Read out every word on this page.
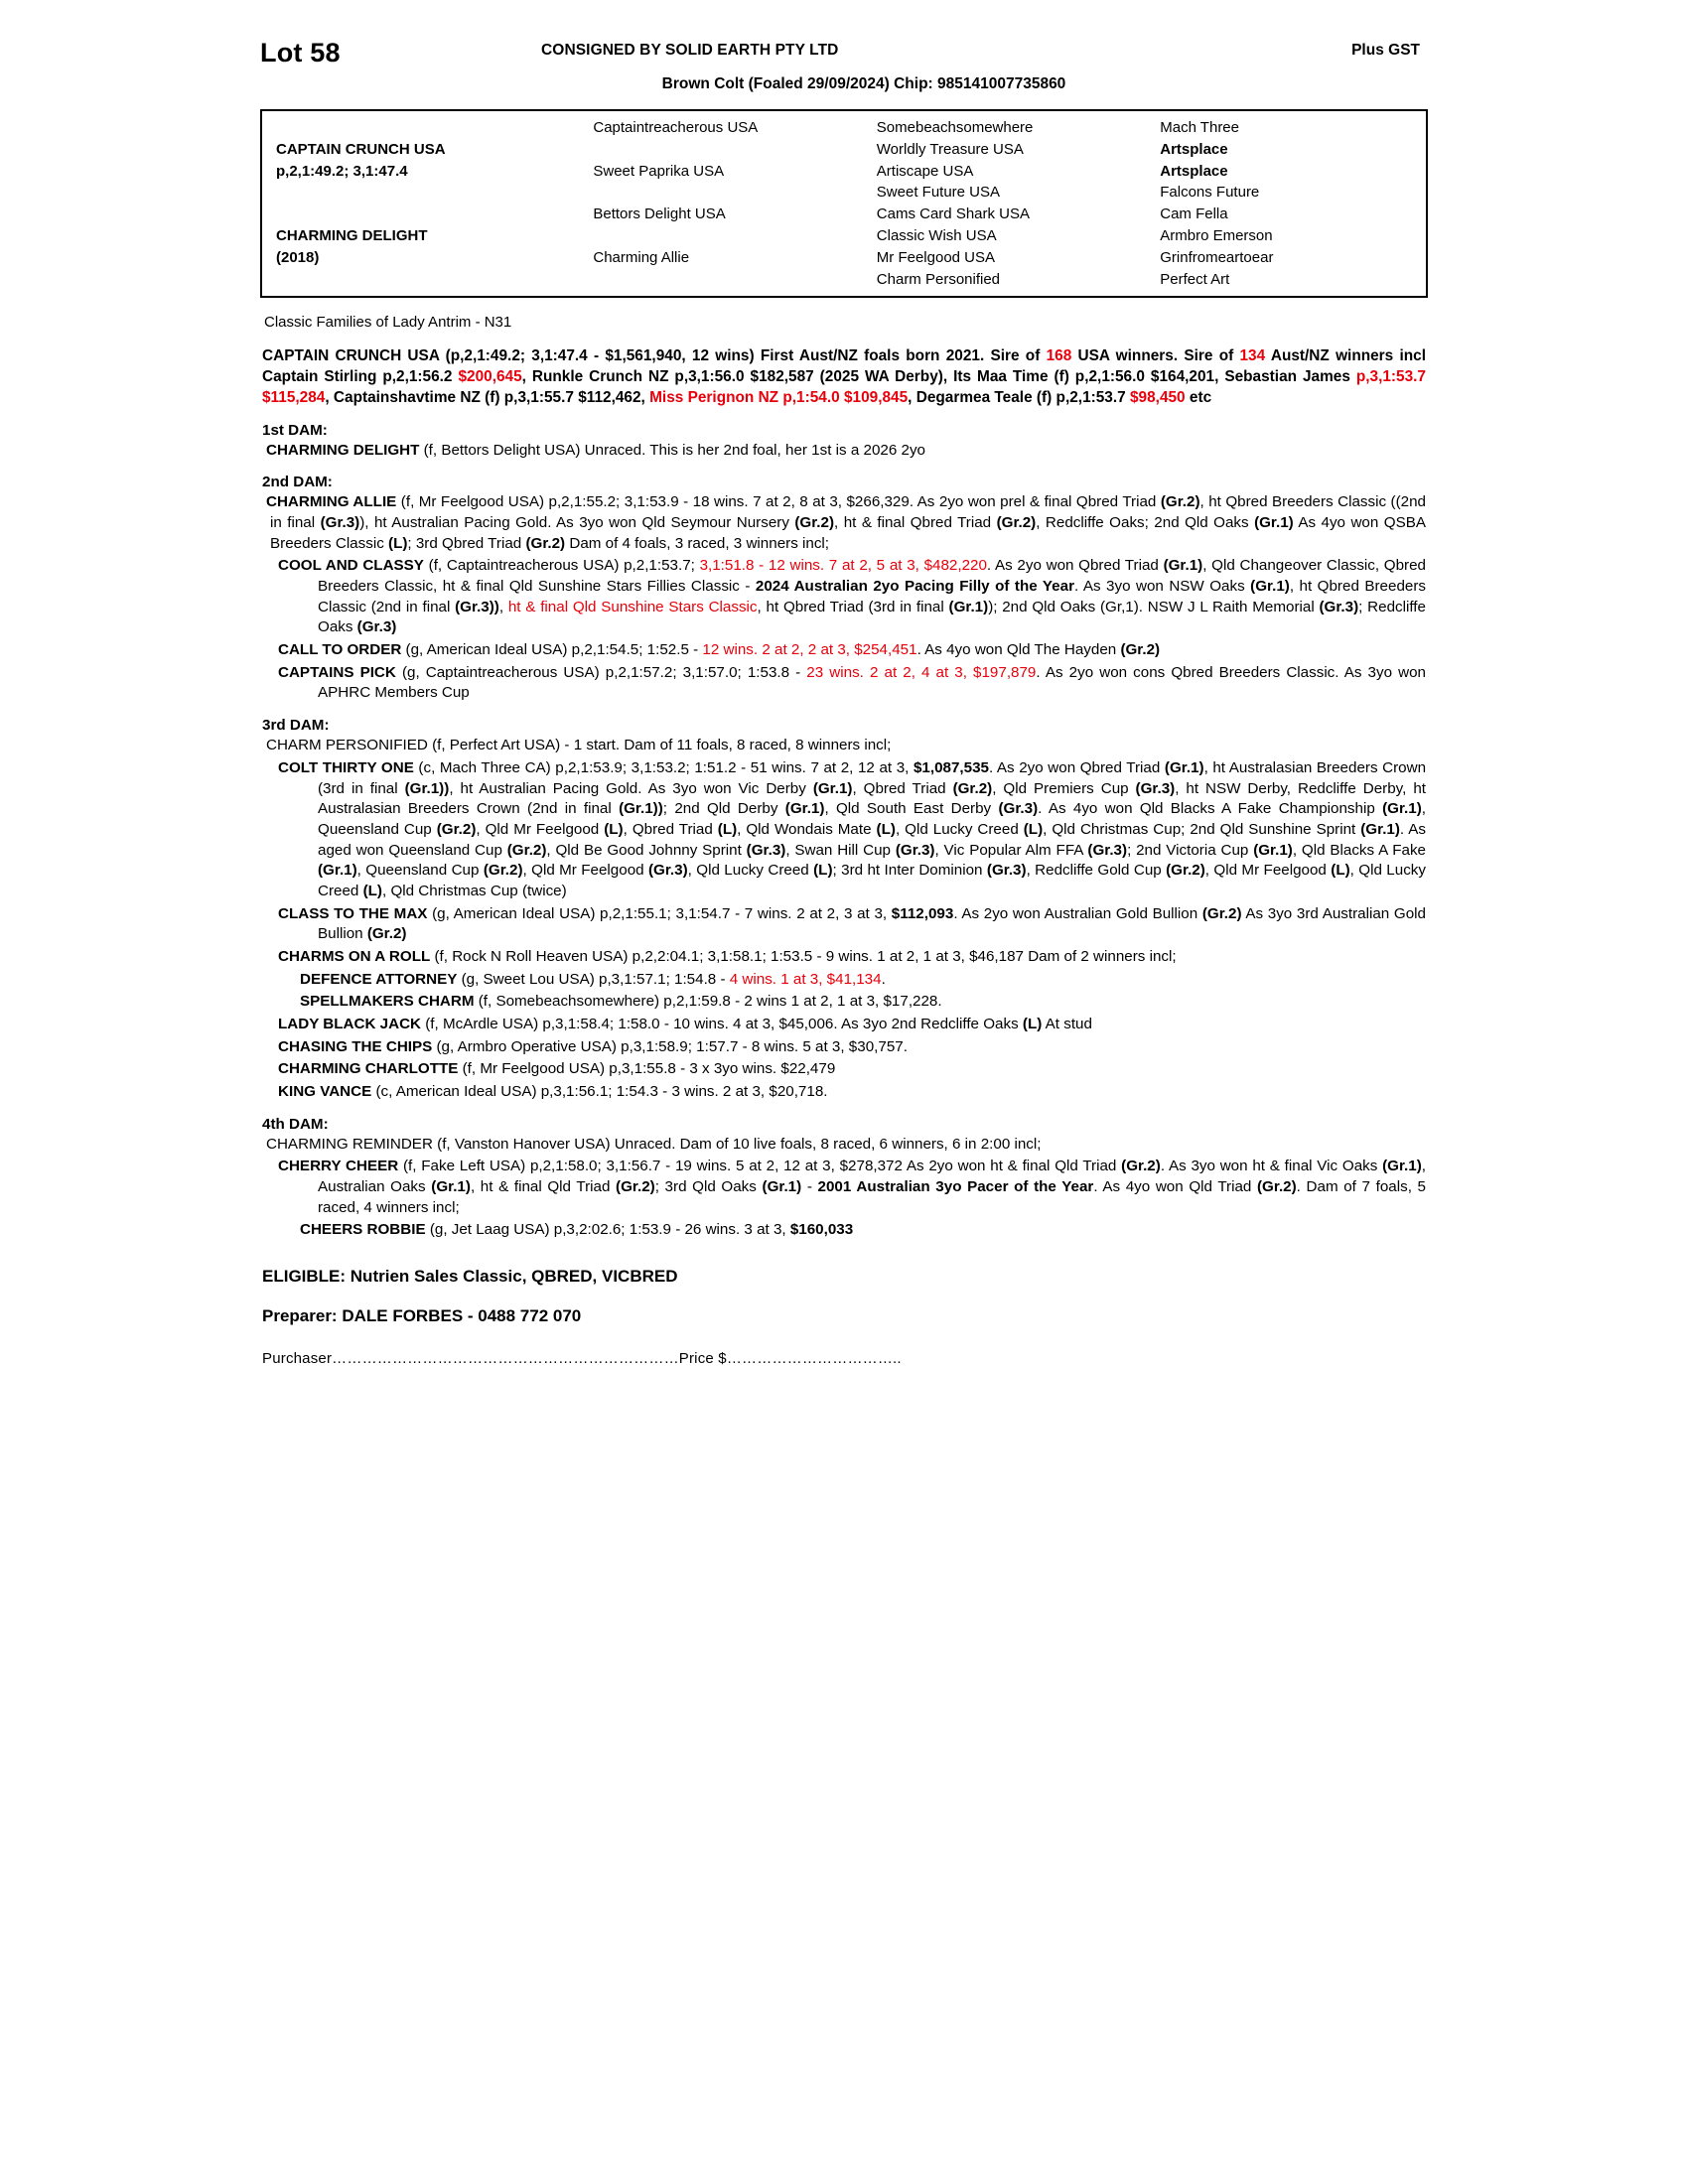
Lot 58	CONSIGNED BY SOLID EARTH PTY LTD	Plus GST
Brown Colt (Foaled 29/09/2024) Chip: 985141007735860
	Captaintreacherous USA	Somebeachsomewhere	Mach Three
CAPTAIN CRUNCH USA		Worldly Treasure USA	Artsplace
p,2,1:49.2; 3,1:47.4	Sweet Paprika USA	Artiscape USA	Artsplace
		Sweet Future USA	Falcons Future
	Bettors Delight USA	Cams Card Shark USA	Cam Fella
CHARMING DELIGHT		Classic Wish USA	Armbro Emerson
(2018)	Charming Allie	Mr Feelgood USA	Grinfromeartoear
		Charm Personified	Perfect Art
Classic Families of Lady Antrim - N31
CAPTAIN CRUNCH USA (p,2,1:49.2; 3,1:47.4 - $1,561,940, 12 wins) First Aust/NZ foals born 2021. Sire of 168 USA winners. Sire of 134 Aust/NZ winners incl Captain Stirling p,2,1:56.2 $200,645, Runkle Crunch NZ p,3,1:56.0 $182,587 (2025 WA Derby), Its Maa Time (f) p,2,1:56.0 $164,201, Sebastian James p,3,1:53.7 $115,284, Captainshavtime NZ (f) p,3,1:55.7 $112,462, Miss Perignon NZ p,1:54.0 $109,845, Degarmea Teale (f) p,2,1:53.7 $98,450 etc
1st DAM:

CHARMING DELIGHT (f, Bettors Delight USA) Unraced. This is her 2nd foal, her 1st is a 2026 2yo

2nd DAM:

CHARMING ALLIE (f, Mr Feelgood USA) p,2,1:55.2; 3,1:53.9 - 18 wins. 7 at 2, 8 at 3, $266,329. As 2yo won prel & final Qbred Triad (Gr.2), ht Qbred Breeders Classic ((2nd in final (Gr.3)), ht Australian Pacing Gold. As 3yo won Qld Seymour Nursery (Gr.2), ht & final Qbred Triad (Gr.2), Redcliffe Oaks; 2nd Qld Oaks (Gr.1) As 4yo won QSBA Breeders Classic (L); 3rd Qbred Triad (Gr.2) Dam of 4 foals, 3 raced, 3 winners incl;

COOL AND CLASSY (f, Captaintreacherous USA) p,2,1:53.7; 3,1:51.8 - 12 wins. 7 at 2, 5 at 3, $482,220. As 2yo won Qbred Triad (Gr.1), Qld Changeover Classic, Qbred Breeders Classic, ht & final Qld Sunshine Stars Fillies Classic - 2024 Australian 2yo Pacing Filly of the Year. As 3yo won NSW Oaks (Gr.1), ht Qbred Breeders Classic (2nd in final (Gr.3)), ht & final Qld Sunshine Stars Classic, ht Qbred Triad (3rd in final (Gr.1)); 2nd Qld Oaks (Gr,1). NSW J L Raith Memorial (Gr.3); Redcliffe Oaks (Gr.3)

CALL TO ORDER (g, American Ideal USA) p,2,1:54.5; 1:52.5 - 12 wins. 2 at 2, 2 at 3, $254,451. As 4yo won Qld The Hayden (Gr.2)

CAPTAINS PICK (g, Captaintreacherous USA) p,2,1:57.2; 3,1:57.0; 1:53.8 - 23 wins. 2 at 2, 4 at 3, $197,879. As 2yo won cons Qbred Breeders Classic. As 3yo won APHRC Members Cup

3rd DAM:

CHARM PERSONIFIED (f, Perfect Art USA) - 1 start. Dam of 11 foals, 8 raced, 8 winners incl;

COLT THIRTY ONE (c, Mach Three CA) p,2,1:53.9; 3,1:53.2; 1:51.2 - 51 wins. 7 at 2, 12 at 3, $1,087,535. As 2yo won Qbred Triad (Gr.1), ht Australasian Breeders Crown (3rd in final (Gr.1)), ht Australian Pacing Gold. As 3yo won Vic Derby (Gr.1), Qbred Triad (Gr.2), Qld Premiers Cup (Gr.3), ht NSW Derby, Redcliffe Derby, ht Australasian Breeders Crown (2nd in final (Gr.1)); 2nd Qld Derby (Gr.1), Qld South East Derby (Gr.3). As 4yo won Qld Blacks A Fake Championship (Gr.1), Queensland Cup (Gr.2), Qld Mr Feelgood (L), Qbred Triad (L), Qld Wondais Mate (L), Qld Lucky Creed (L), Qld Christmas Cup; 2nd Qld Sunshine Sprint (Gr.1). As aged won Queensland Cup (Gr.2), Qld Be Good Johnny Sprint (Gr.3), Swan Hill Cup (Gr.3), Vic Popular Alm FFA (Gr.3); 2nd Victoria Cup (Gr.1), Qld Blacks A Fake (Gr.1), Queensland Cup (Gr.2), Qld Mr Feelgood (Gr.3), Qld Lucky Creed (L); 3rd ht Inter Dominion (Gr.3), Redcliffe Gold Cup (Gr.2), Qld Mr Feelgood (L), Qld Lucky Creed (L), Qld Christmas Cup (twice)

CLASS TO THE MAX (g, American Ideal USA) p,2,1:55.1; 3,1:54.7 - 7 wins. 2 at 2, 3 at 3, $112,093. As 2yo won Australian Gold Bullion (Gr.2) As 3yo 3rd Australian Gold Bullion (Gr.2)

CHARMS ON A ROLL (f, Rock N Roll Heaven USA) p,2,2:04.1; 3,1:58.1; 1:53.5 - 9 wins. 1 at 2, 1 at 3, $46,187 Dam of 2 winners incl;

DEFENCE ATTORNEY (g, Sweet Lou USA) p,3,1:57.1; 1:54.8 - 4 wins. 1 at 3, $41,134.

SPELLMAKERS CHARM (f, Somebeachsomewhere) p,2,1:59.8 - 2 wins 1 at 2, 1 at 3, $17,228.

LADY BLACK JACK (f, McArdle USA) p,3,1:58.4; 1:58.0 - 10 wins. 4 at 3, $45,006. As 3yo 2nd Redcliffe Oaks (L) At stud

CHASING THE CHIPS (g, Armbro Operative USA) p,3,1:58.9; 1:57.7 - 8 wins. 5 at 3, $30,757.

CHARMING CHARLOTTE (f, Mr Feelgood USA) p,3,1:55.8 - 3 x 3yo wins. $22,479

KING VANCE (c, American Ideal USA) p,3,1:56.1; 1:54.3 - 3 wins. 2 at 3, $20,718.

4th DAM:

CHARMING REMINDER (f, Vanston Hanover USA) Unraced. Dam of 10 live foals, 8 raced, 6 winners, 6 in 2:00 incl;

CHERRY CHEER (f, Fake Left USA) p,2,1:58.0; 3,1:56.7 - 19 wins. 5 at 2, 12 at 3, $278,372 As 2yo won ht & final Qld Triad (Gr.2). As 3yo won ht & final Vic Oaks (Gr.1), Australian Oaks (Gr.1), ht & final Qld Triad (Gr.2); 3rd Qld Oaks (Gr.1) - 2001 Australian 3yo Pacer of the Year. As 4yo won Qld Triad (Gr.2). Dam of 7 foals, 5 raced, 4 winners incl;

CHEERS ROBBIE (g, Jet Laag USA) p,3,2:02.6; 1:53.9 - 26 wins. 3 at 3, $160,033

ELIGIBLE: Nutrien Sales Classic, QBRED, VICBRED
Preparer: DALE FORBES - 0488 772 070
Purchaser……………………………………………………………Price $……………………………..
